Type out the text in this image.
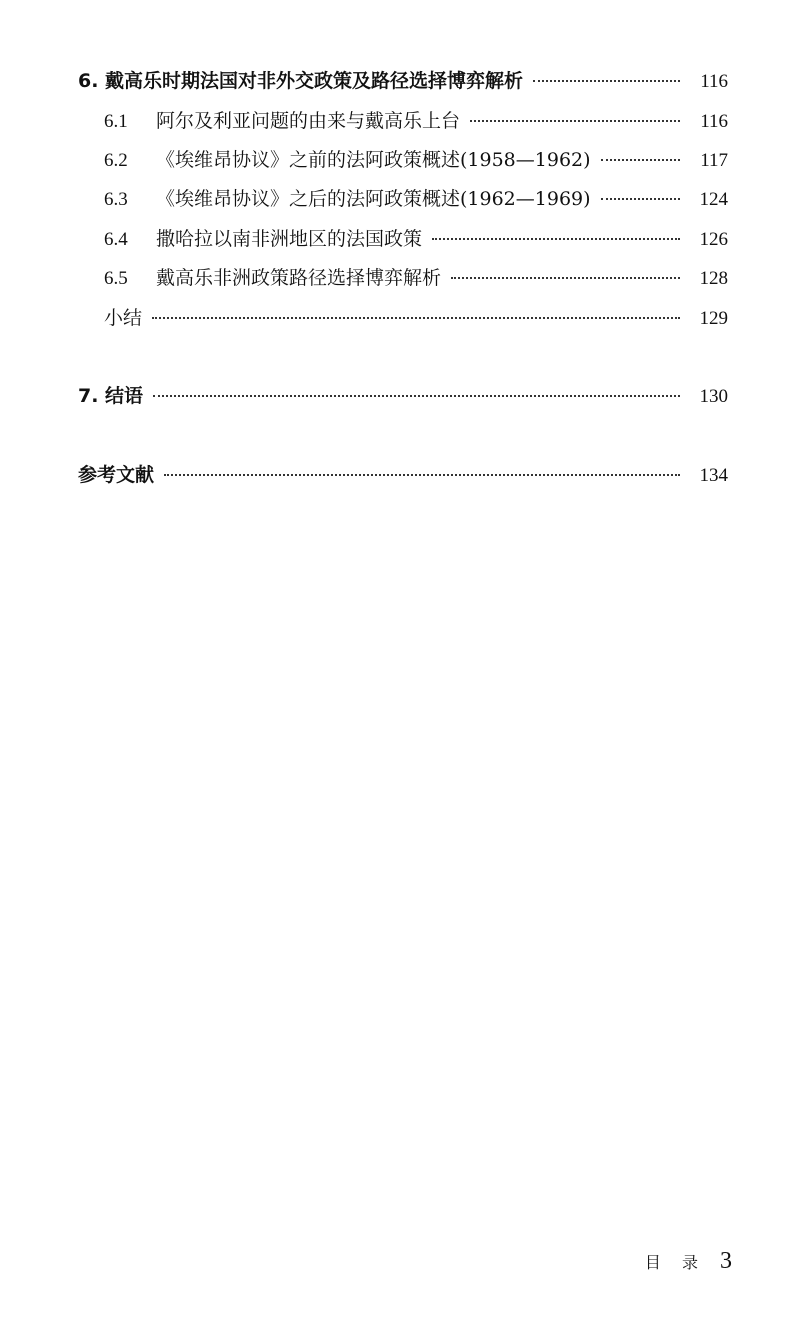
6. 戴高乐时期法国对非外交政策及路径选择博弈解析	116
6.1	阿尔及利亚问题的由来与戴高乐上台	116
6.2	《埃维昂协议》之前的法阿政策概述(1958—1962)	117
6.3	《埃维昂协议》之后的法阿政策概述(1962—1969)	124
6.4	撒哈拉以南非洲地区的法国政策	126
6.5	戴高乐非洲政策路径选择博弈解析	128
小结	129
7. 结语	130
参考文献	134
目 录 3
